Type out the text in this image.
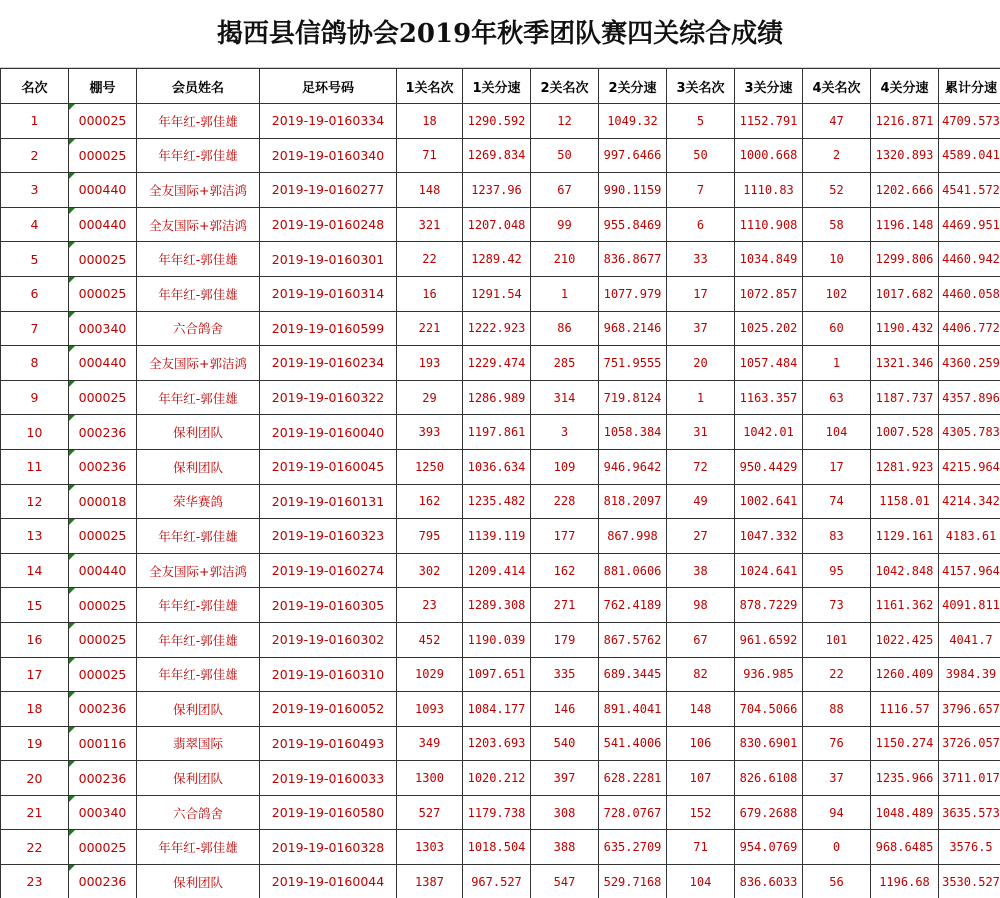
揭西县信鸽协会2019年秋季团队赛四关综合成绩
名次	棚号	会员姓名	足环号码	1关名次	1关分速	2关名次	2关分速	3关名次	3关分速	4关名次	4关分速	累计分速
1	000025	年年红-郭佳雄	2019-19-0160334	18	1290.592	12	1049.32	5	1152.791	47	1216.871	4709.573
2	000025	年年红-郭佳雄	2019-19-0160340	71	1269.834	50	997.6466	50	1000.668	2	1320.893	4589.041
3	000440	全友国际+郭洁鸿	2019-19-0160277	148	1237.96	67	990.1159	7	1110.83	52	1202.666	4541.572
4	000440	全友国际+郭洁鸿	2019-19-0160248	321	1207.048	99	955.8469	6	1110.908	58	1196.148	4469.951
5	000025	年年红-郭佳雄	2019-19-0160301	22	1289.42	210	836.8677	33	1034.849	10	1299.806	4460.942
6	000025	年年红-郭佳雄	2019-19-0160314	16	1291.54	1	1077.979	17	1072.857	102	1017.682	4460.058
7	000340	六合鸽舍	2019-19-0160599	221	1222.923	86	968.2146	37	1025.202	60	1190.432	4406.772
8	000440	全友国际+郭洁鸿	2019-19-0160234	193	1229.474	285	751.9555	20	1057.484	1	1321.346	4360.259
9	000025	年年红-郭佳雄	2019-19-0160322	29	1286.989	314	719.8124	1	1163.357	63	1187.737	4357.896
10	000236	保利团队	2019-19-0160040	393	1197.861	3	1058.384	31	1042.01	104	1007.528	4305.783
11	000236	保利团队	2019-19-0160045	1250	1036.634	109	946.9642	72	950.4429	17	1281.923	4215.964
12	000018	荣华赛鸽	2019-19-0160131	162	1235.482	228	818.2097	49	1002.641	74	1158.01	4214.342
13	000025	年年红-郭佳雄	2019-19-0160323	795	1139.119	177	867.998	27	1047.332	83	1129.161	4183.61
14	000440	全友国际+郭洁鸿	2019-19-0160274	302	1209.414	162	881.0606	38	1024.641	95	1042.848	4157.964
15	000025	年年红-郭佳雄	2019-19-0160305	23	1289.308	271	762.4189	98	878.7229	73	1161.362	4091.811
16	000025	年年红-郭佳雄	2019-19-0160302	452	1190.039	179	867.5762	67	961.6592	101	1022.425	4041.7
17	000025	年年红-郭佳雄	2019-19-0160310	1029	1097.651	335	689.3445	82	936.985	22	1260.409	3984.39
18	000236	保利团队	2019-19-0160052	1093	1084.177	146	891.4041	148	704.5066	88	1116.57	3796.657
19	000116	翡翠国际	2019-19-0160493	349	1203.693	540	541.4006	106	830.6901	76	1150.274	3726.057
20	000236	保利团队	2019-19-0160033	1300	1020.212	397	628.2281	107	826.6108	37	1235.966	3711.017
21	000340	六合鸽舍	2019-19-0160580	527	1179.738	308	728.0767	152	679.2688	94	1048.489	3635.573
22	000025	年年红-郭佳雄	2019-19-0160328	1303	1018.504	388	635.2709	71	954.0769	0	968.6485	3576.5
23	000236	保利团队	2019-19-0160044	1387	967.527	547	529.7168	104	836.6033	56	1196.68	3530.527
